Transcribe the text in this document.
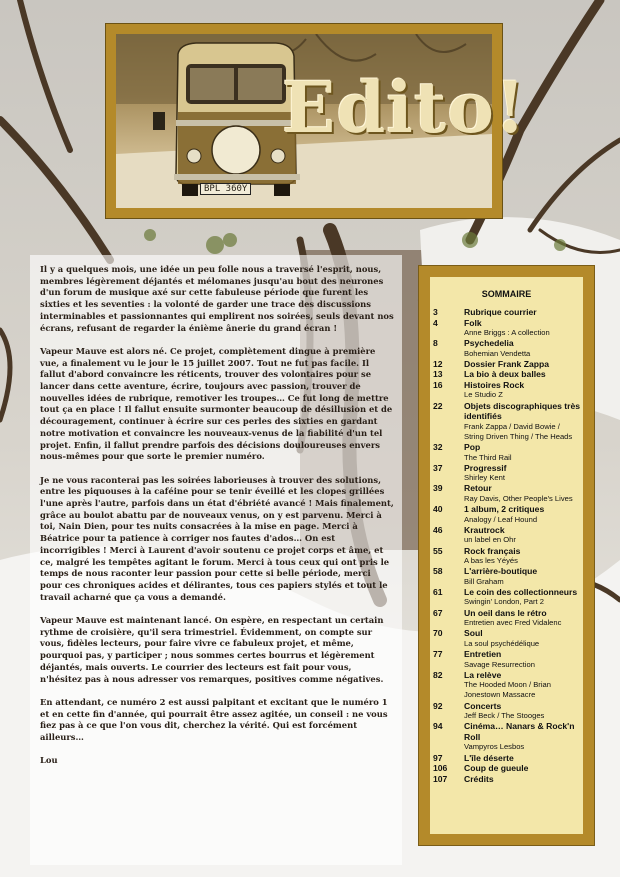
BPL 360Y
Edito!

Il y a quelques mois, une idée un peu folle nous a traversé l'esprit, nous, membres légèrement déjantés et mélomanes jusqu'au bout des neurones d'un forum de musique axé sur cette fabuleuse période que furent les sixties et les seventies : la volonté de garder une trace des discussions interminables et passionnantes qui emplirent nos soirées, seuls devant nos écrans, refusant de regarder la énième ânerie du grand écran !

Vapeur Mauve est alors né. Ce projet, complètement dingue à première vue, a finalement vu le jour le 15 juillet 2007. Tout ne fut pas facile. Il fallut d'abord convaincre les réticents, trouver des volontaires pour se lancer dans cette aventure, écrire, toujours avec passion, trouver de nouvelles idées de rubrique, remotiver les troupes… Ce fut long de mettre tout ça en place ! Il fallut ensuite surmonter beaucoup de désillusion et de découragement, continuer à écrire sur ces perles des sixties en gardant notre motivation et convaincre les nouveaux-venus de la fiabilité d'un tel projet. Enfin, il fallut prendre parfois des décisions douloureuses envers nous-mêmes pour que sorte le premier numéro.

Je ne vous raconterai pas les soirées laborieuses à trouver des solutions, entre les piquouses à la caféine pour se tenir éveillé et les clopes grillées l'une après l'autre, parfois dans un état d'ébriété avancé ! Mais finalement, grâce au boulot abattu par de nouveaux venus, on y est parvenu. Merci à toi, Nain Dien, pour tes nuits consacrées à la mise en page. Merci à Béatrice pour ta patience à corriger nos fautes d'ados… On est incorrigibles ! Merci à Laurent d'avoir soutenu ce projet corps et âme, et ce, malgré les tempêtes agitant le forum. Merci à tous ceux qui ont pris le temps de nous raconter leur passion pour cette si belle période, merci pour ces chroniques acides et délirantes, tous ces papiers stylés et tout le travail acharné que ça vous a demandé.

Vapeur Mauve est maintenant lancé. On espère, en respectant un certain rythme de croisière, qu'il sera trimestriel. Évidemment, on compte sur vous, fidèles lecteurs, pour faire vivre ce fabuleux projet, et même, pourquoi pas, y participer ; nous sommes certes bourrus et légèrement déjantés, mais ouverts. Le courrier des lecteurs est fait pour vous, n'hésitez pas à nous adresser vos remarques, positives comme négatives.

En attendant, ce numéro 2 est aussi palpitant et excitant que le numéro 1 et en cette fin d'année, qui pourrait être assez agitée, un conseil : ne vous fiez pas à ce que l'on vous dit, cherchez la vérité. Qui est forcément ailleurs…

Lou

SOMMAIRE
3	Rubrique courrier
4	Folk
Anne Briggs : A collection
8	Psychedelia
Bohemian Vendetta
12	Dossier Frank Zappa
13	La bio à deux balles
16	Histoires Rock
Le Studio Z
22	Objets discographiques très identifiés
Frank Zappa / David Bowie / String Driven Thing / The Heads
32	Pop
The Third Rail
37	Progressif
Shirley Kent
39	Retour
Ray Davis, Other People's Lives
40	1 album, 2 critiques
Analogy / Leaf Hound
46	Krautrock
un label en Ohr
55	Rock français
A bas les Yéyés
58	L'arrière-boutique
Bill Graham
61	Le coin des collectionneurs
Swingin' London, Part 2
67	Un oeil dans le rétro
Entretien avec Fred Vidalenc
70	Soul
La soul psychédélique
77	Entretien
Savage Resurrection
82	La relève
The Hooded Moon / Brian Jonestown Massacre
92	Concerts
Jeff Beck / The Stooges
94	Cinéma… Nanars & Rock'n Roll
Vampyros Lesbos
97	L'île déserte
106	Coup de gueule
107	Crédits
